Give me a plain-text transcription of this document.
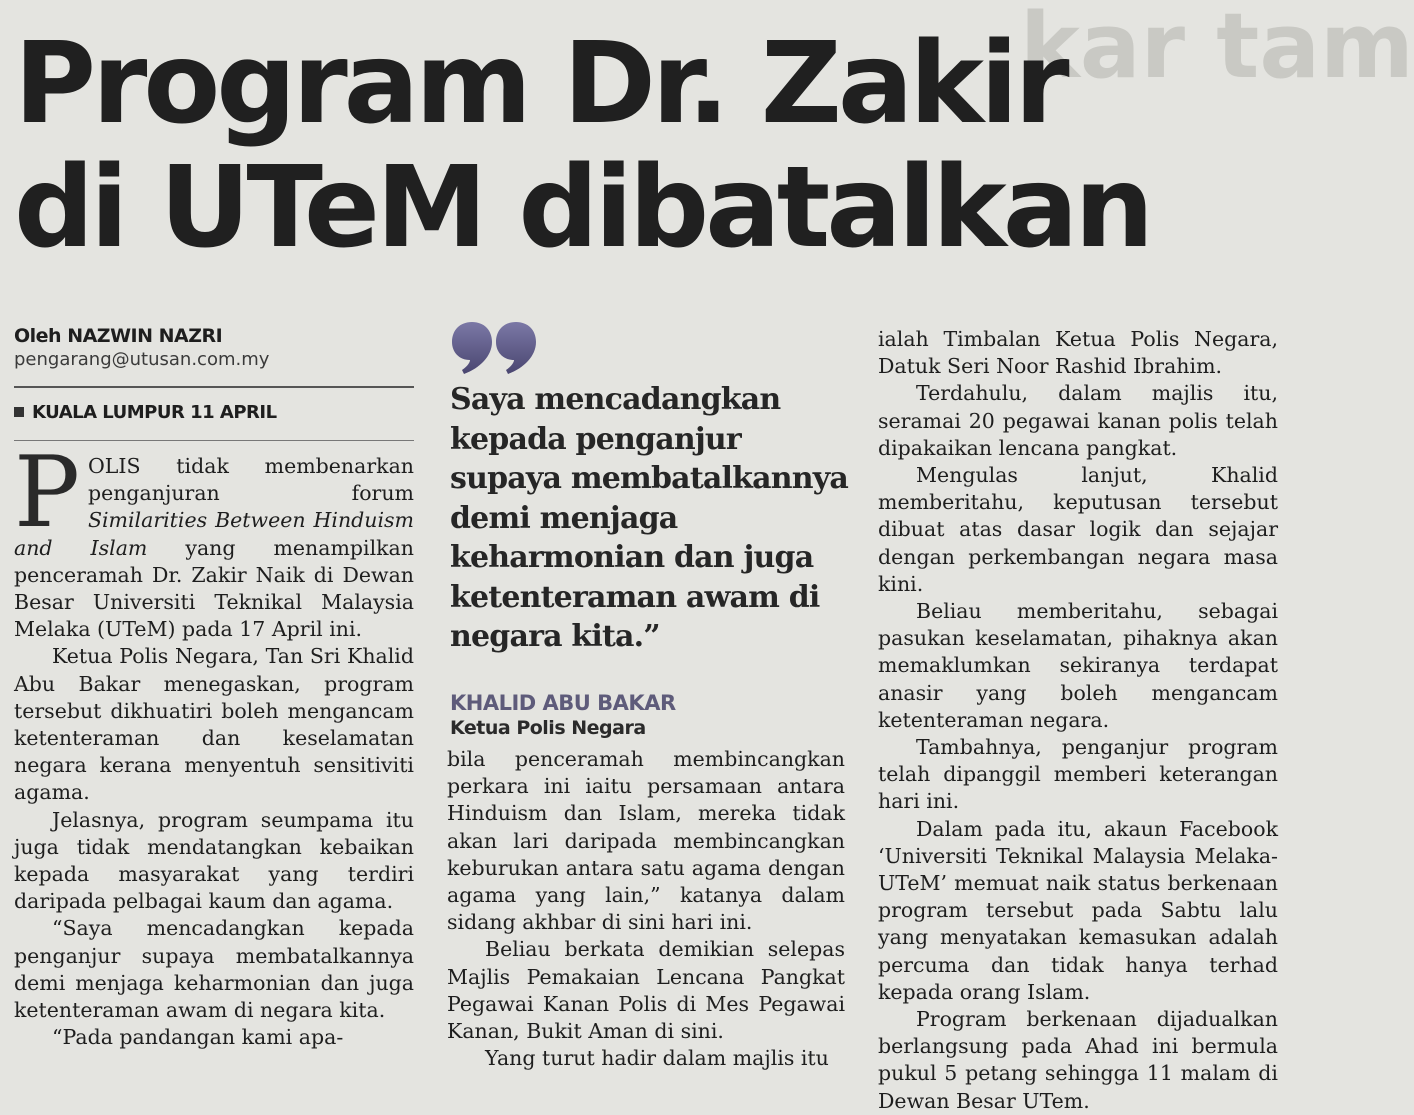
kar tam
Program Dr. Zakir
di UTeM dibatalkan
Oleh NAZWIN NAZRI
pengarang@utusan.com.my
KUALA LUMPUR 11 APRIL

POLIS tidak membenarkan penganjuran forum Similarities Between Hinduism and Islam yang menampilkan penceramah Dr. Zakir Naik di Dewan Besar Universiti Teknikal Malaysia Melaka (UTeM) pada 17 April ini.

Ketua Polis Negara, Tan Sri Khalid Abu Bakar menegaskan, program tersebut dikhuatiri boleh mengancam ketenteraman dan keselamatan negara kerana menyentuh sensitiviti agama.

Jelasnya, program seumpama itu juga tidak mendatangkan kebaikan kepada masyarakat yang terdiri daripada pelbagai kaum dan agama.

“Saya mencadangkan kepada penganjur supaya membatalkannya demi menjaga keharmonian dan juga ketenteraman awam di negara kita.

“Pada pandangan kami apa-

Saya mencadangkan kepada penganjur supaya membatalkannya demi menjaga keharmonian dan juga ketenteraman awam di negara kita.”
KHALID ABU BAKAR
Ketua Polis Negara

bila penceramah membincangkan perkara ini iaitu persamaan antara Hinduism dan Islam, mereka tidak akan lari daripada membincangkan keburukan antara satu agama dengan agama yang lain,” katanya dalam sidang akhbar di sini hari ini.

Beliau berkata demikian selepas Majlis Pemakaian Lencana Pangkat Pegawai Kanan Polis di Mes Pegawai Kanan, Bukit Aman di sini.

Yang turut hadir dalam majlis itu

ialah Timbalan Ketua Polis Negara, Datuk Seri Noor Rashid Ibrahim.

Terdahulu, dalam majlis itu, seramai 20 pegawai kanan polis telah dipakaikan lencana pangkat.

Mengulas lanjut, Khalid memberitahu, keputusan tersebut dibuat atas dasar logik dan sejajar dengan perkembangan negara masa kini.

Beliau memberitahu, sebagai pasukan keselamatan, pihaknya akan memaklumkan sekiranya terdapat anasir yang boleh mengancam ketenteraman negara.

Tambahnya, penganjur program telah dipanggil memberi keterangan hari ini.

Dalam pada itu, akaun Facebook ‘Universiti Teknikal Malaysia Melaka-UTeM’ memuat naik status berkenaan program tersebut pada Sabtu lalu yang menyatakan kemasukan adalah percuma dan tidak hanya terhad kepada orang Islam.

Program berkenaan dijadualkan berlangsung pada Ahad ini bermula pukul 5 petang sehingga 11 malam di Dewan Besar UTem.
